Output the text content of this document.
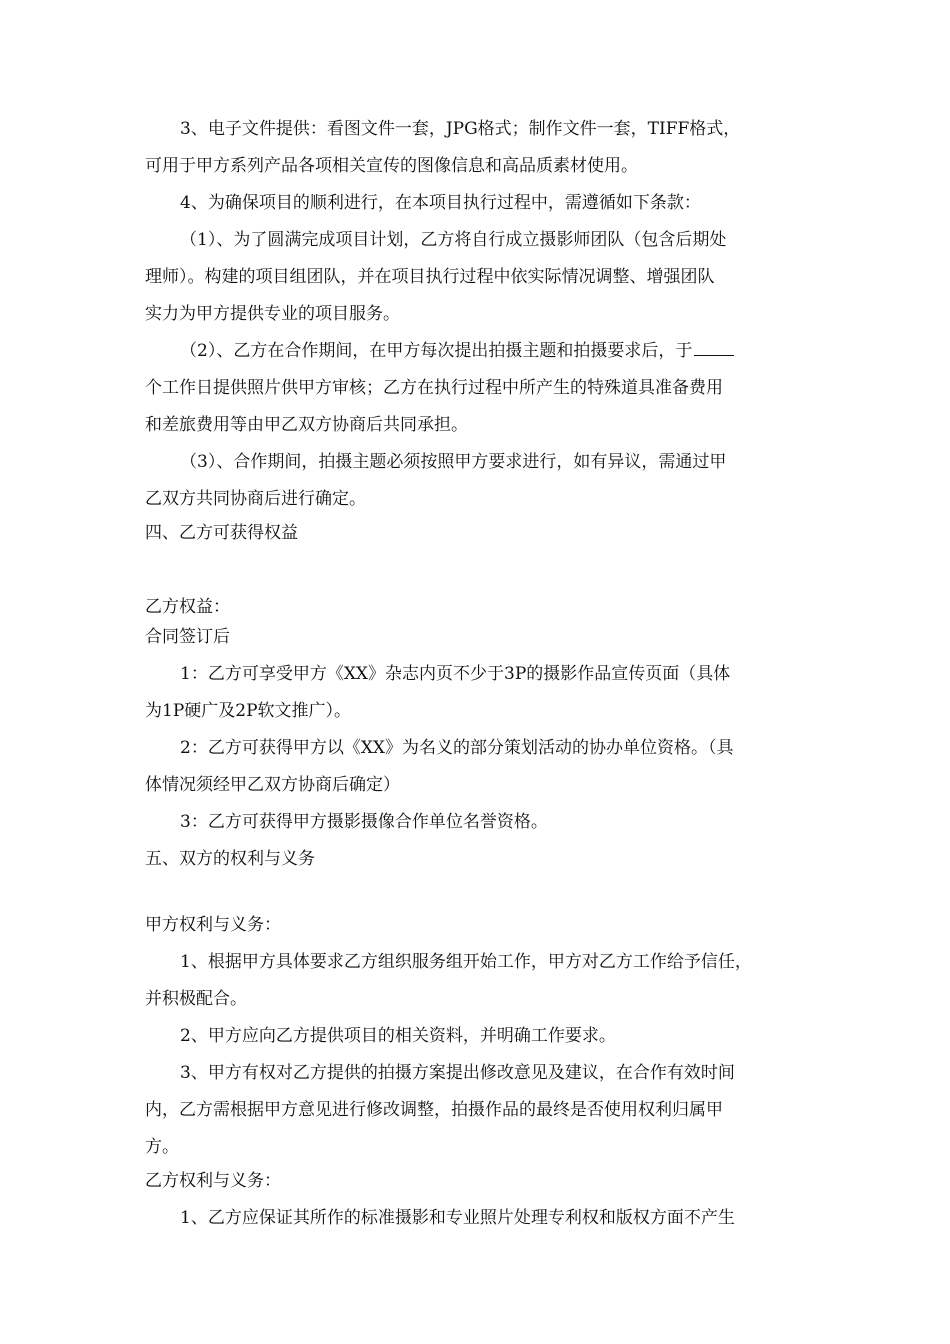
3、电子文件提供：看图文件一套，JPG格式；制作文件一套，TIFF格式，
可用于甲方系列产品各项相关宣传的图像信息和高品质素材使用。
4、为确保项目的顺利进行，在本项目执行过程中，需遵循如下条款：
（1）、为了圆满完成项目计划，乙方将自行成立摄影师团队（包含后期处
理师）。构建的项目组团队，并在项目执行过程中依实际情况调整、增强团队
实力为甲方提供专业的项目服务。
（2）、乙方在合作期间，在甲方每次提出拍摄主题和拍摄要求后，于
个工作日提供照片供甲方审核；乙方在执行过程中所产生的特殊道具准备费用
和差旅费用等由甲乙双方协商后共同承担。
（3）、合作期间，拍摄主题必须按照甲方要求进行，如有异议，需通过甲
乙双方共同协商后进行确定。
四、乙方可获得权益
乙方权益：
合同签订后
1：乙方可享受甲方《XX》杂志内页不少于3P的摄影作品宣传页面（具体
为1P硬广及2P软文推广）。
2：乙方可获得甲方以《XX》为名义的部分策划活动的协办单位资格。（具
体情况须经甲乙双方协商后确定）
3：乙方可获得甲方摄影摄像合作单位名誉资格。
五、双方的权利与义务
甲方权利与义务：
1、根据甲方具体要求乙方组织服务组开始工作，甲方对乙方工作给予信任，
并积极配合。
2、甲方应向乙方提供项目的相关资料，并明确工作要求。
3、甲方有权对乙方提供的拍摄方案提出修改意见及建议，在合作有效时间
内，乙方需根据甲方意见进行修改调整，拍摄作品的最终是否使用权利归属甲
方。
乙方权利与义务：
1、乙方应保证其所作的标准摄影和专业照片处理专利权和版权方面不产生
